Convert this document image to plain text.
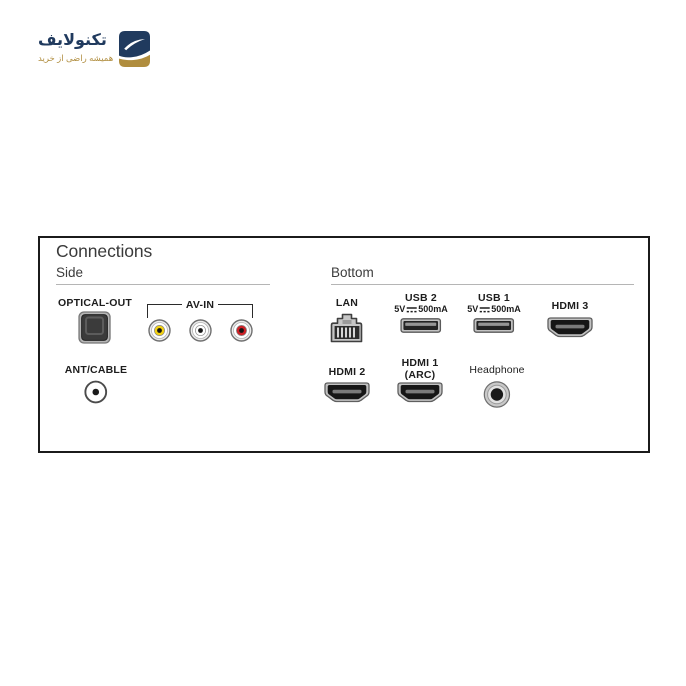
تکنولایف
همیشه راضی از خرید
Connections
Side	Bottom
OPTICAL-OUT	AV-IN
ANT/CABLE
LAN	USB 2
5V 500mA
USB 1
5V 500mA	HDMI 3
HDMI 2
HDMI 1
(ARC)	Headphone
